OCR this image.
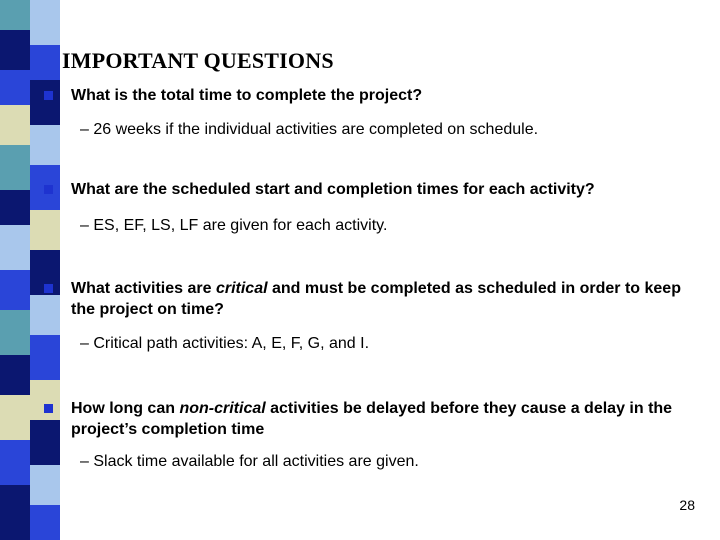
IMPORTANT QUESTIONS
What is the total time to complete the project?
– 26 weeks if the individual activities are completed on schedule.
What are the scheduled start and completion times for each activity?
– ES, EF, LS, LF are given for each activity.
What activities are critical and must be completed as scheduled in order to keep the project on time?
– Critical path activities: A, E, F, G, and I.
How long can non-critical activities be delayed before they cause a delay in the project’s completion time
– Slack time available for all activities are given.
28
